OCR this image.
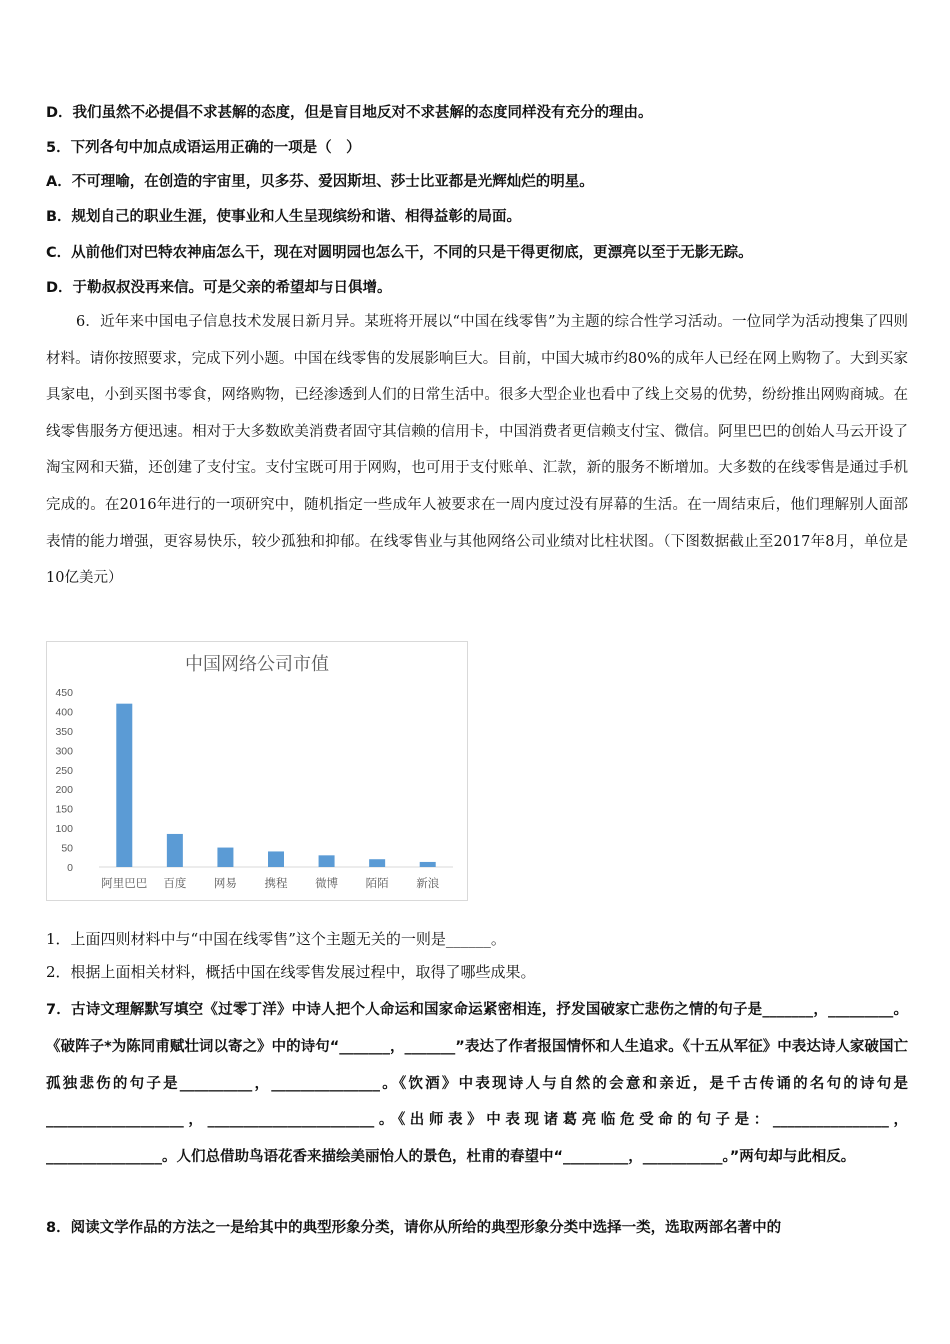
D．我们虽然不必提倡不求甚解的态度，但是盲目地反对不求甚解的态度同样没有充分的理由。
5．下列各句中加点成语运用正确的一项是（　）
A．不可理喻，在创造的宇宙里，贝多芬、爱因斯坦、莎士比亚都是光辉灿烂的明星。
B．规划自己的职业生涯，使事业和人生呈现缤纷和谐、相得益彰的局面。
C．从前他们对巴特农神庙怎么干，现在对圆明园也怎么干，不同的只是干得更彻底，更漂亮以至于无影无踪。
D．于勒叔叔没再来信。可是父亲的希望却与日俱增。
6．近年来中国电子信息技术发展日新月异。某班将开展以“中国在线零售”为主题的综合性学习活动。一位同学为活动搜集了四则材料。请你按照要求，完成下列小题。中国在线零售的发展影响巨大。目前，中国大城市约80%的成年人已经在网上购物了。大到买家具家电，小到买图书零食，网络购物，已经渗透到人们的日常生活中。很多大型企业也看中了线上交易的优势，纷纷推出网购商城。在线零售服务方便迅速。相对于大多数欧美消费者固守其信赖的信用卡，中国消费者更信赖支付宝、微信。阿里巴巴的创始人马云开设了淘宝网和天猫，还创建了支付宝。支付宝既可用于网购，也可用于支付账单、汇款，新的服务不断增加。大多数的在线零售是通过手机完成的。在2016年进行的一项研究中，随机指定一些成年人被要求在一周内度过没有屏幕的生活。在一周结束后，他们理解别人面部表情的能力增强，更容易快乐，较少孤独和抑郁。在线零售业与其他网络公司业绩对比柱状图。（下图数据截止至2017年8月，单位是10亿美元）
中国网络公司市值
0
50
100
150
200
250
300
350
400
450
阿里巴巴 百度 网易 携程 微博 陌陌 新浪
1．上面四则材料中与“中国在线零售”这个主题无关的一则是______。
2．根据上面相关材料，概括中国在线零售发展过程中，取得了哪些成果。
7．古诗文理解默写填空《过零丁洋》中诗人把个人命运和国家命运紧密相连，抒发国破家亡悲伤之情的句子是_______，_________。《破阵子*为陈同甫赋壮词以寄之》中的诗句“_______，_______”表达了作者报国情怀和人生追求。《十五从军征》中表达诗人家破国亡孤独悲伤的句子是__________，_______________。《饮酒》中表现诗人与自然的会意和亲近，是千古传诵的名句的诗句是 ___________________，_______________________。《出师表》中表现诸葛亮临危受命的句子是：________________，________________。人们总借助鸟语花香来描绘美丽怡人的景色，杜甫的春望中“_________，___________。”两句却与此相反。
8．阅读文学作品的方法之一是给其中的典型形象分类，请你从所给的典型形象分类中选择一类，选取两部名著中的
